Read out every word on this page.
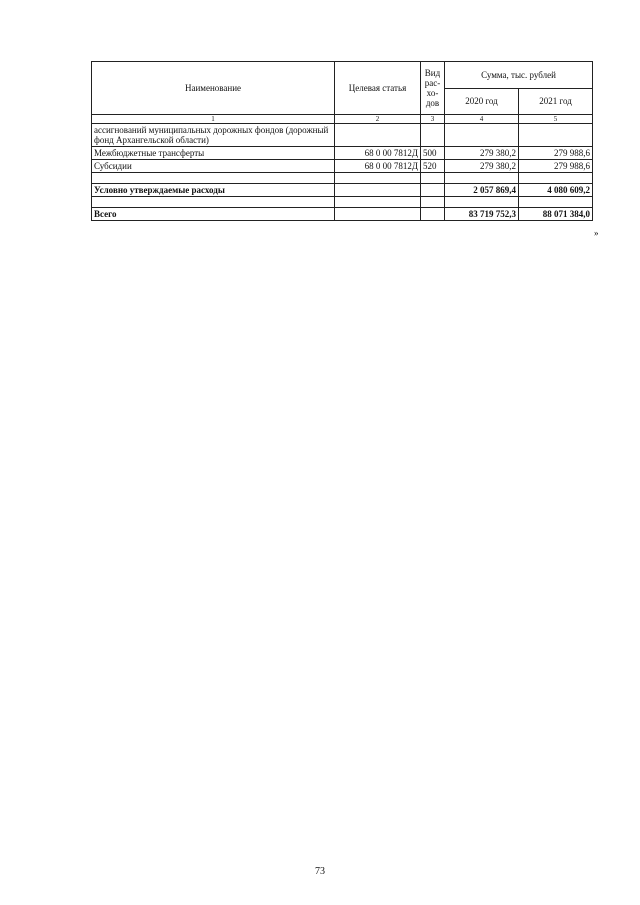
Наименование	Целевая статья	Вид рас-хо-дов	Сумма, тыс. рублей	
			2020 год	2021 год
1	2	3	4	5
ассигнований муниципальных дорожных фондов (дорожный фонд Архангельской области)				
Межбюджетные трансферты	68 0 00 7812Д	500	279 380,2	279 988,6
Субсидии	68 0 00 7812Д	520	279 380,2	279 988,6

Условно утверждаемые расходы			2 057 869,4	4 080 609,2

Всего			83 719 752,3	88 071 384,0
»
73
